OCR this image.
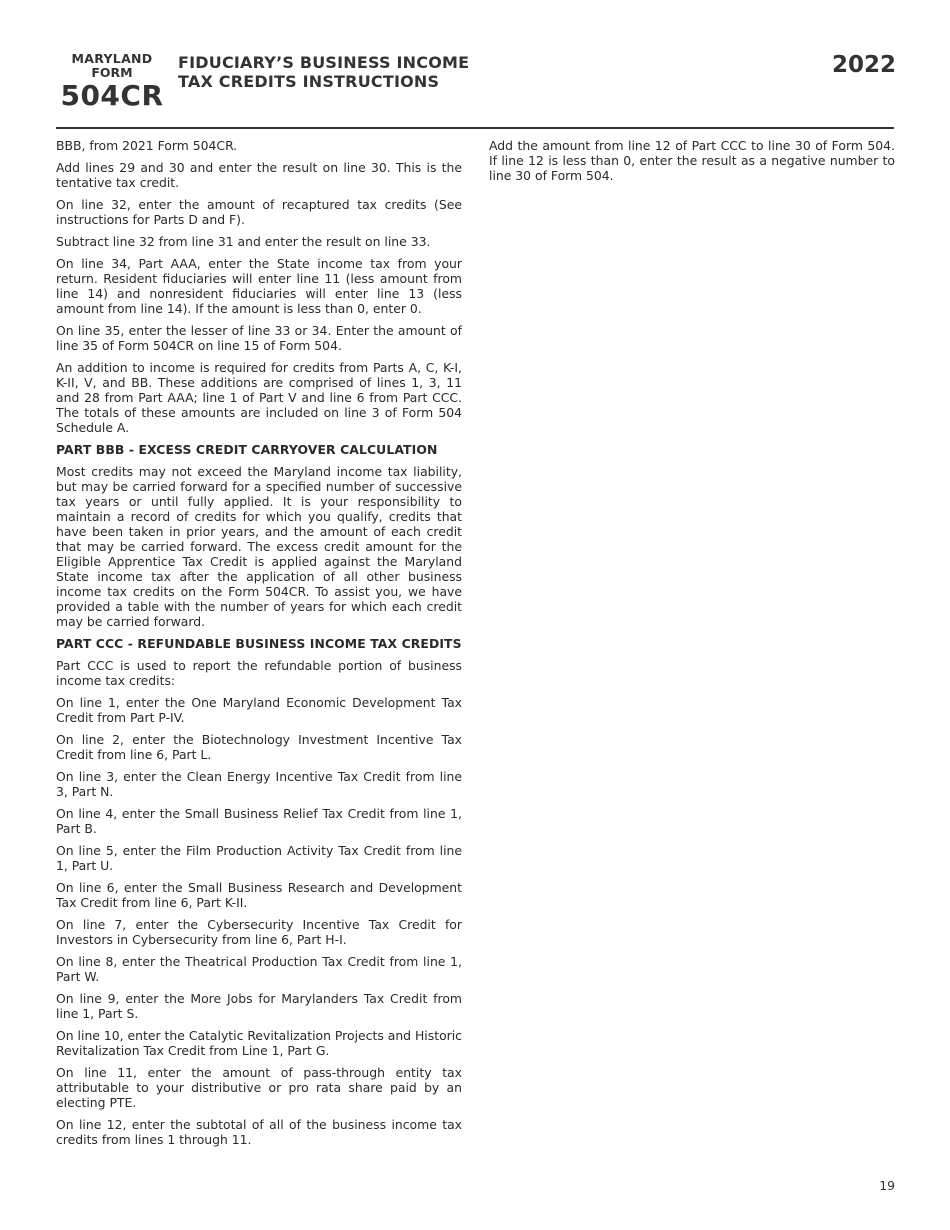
MARYLAND
FORM
504CR
FIDUCIARY’S BUSINESS INCOME
TAX CREDITS INSTRUCTIONS
2022

BBB, from 2021 Form 504CR.

Add lines 29 and 30 and enter the result on line 30. This is the tentative tax credit.

On line 32, enter the amount of recaptured tax credits (See instructions for Parts D and F).

Subtract line 32 from line 31 and enter the result on line 33.

On line 34, Part AAA, enter the State income tax from your return. Resident fiduciaries will enter line 11 (less amount from line 14) and nonresident fiduciaries will enter line 13 (less amount from line 14). If the amount is less than 0, enter 0.

On line 35, enter the lesser of line 33 or 34. Enter the amount of line 35 of Form 504CR on line 15 of Form 504.

An addition to income is required for credits from Parts A, C, K-I, K-II, V, and BB. These additions are comprised of lines 1, 3, 11 and 28 from Part AAA; line 1 of Part V and line 6 from Part CCC. The totals of these amounts are included on line 3 of Form 504 Schedule A.

PART BBB - EXCESS CREDIT CARRYOVER CALCULATION

Most credits may not exceed the Maryland income tax liability, but may be carried forward for a specified number of successive tax years or until fully applied. It is your responsibility to maintain a record of credits for which you qualify, credits that have been taken in prior years, and the amount of each credit that may be carried forward. The excess credit amount for the Eligible Apprentice Tax Credit is applied against the Maryland State income tax after the application of all other business income tax credits on the Form 504CR. To assist you, we have provided a table with the number of years for which each credit may be carried forward.

PART CCC - REFUNDABLE BUSINESS INCOME TAX CREDITS

Part CCC is used to report the refundable portion of business income tax credits:

On line 1, enter the One Maryland Economic Development Tax Credit from Part P-IV.

On line 2, enter the Biotechnology Investment Incentive Tax Credit from line 6, Part L.

On line 3, enter the Clean Energy Incentive Tax Credit from line 3, Part N.

On line 4, enter the Small Business Relief Tax Credit from line 1, Part B.

On line 5, enter the Film Production Activity Tax Credit from line 1, Part U.

On line 6, enter the Small Business Research and Development Tax Credit from line 6, Part K-II.

On line 7, enter the Cybersecurity Incentive Tax Credit for Investors in Cybersecurity from line 6, Part H-I.

On line 8, enter the Theatrical Production Tax Credit from line 1, Part W.

On line 9, enter the More Jobs for Marylanders Tax Credit from line 1, Part S.

On line 10, enter the Catalytic Revitalization Projects and Historic Revitalization Tax Credit from Line 1, Part G.

On line 11, enter the amount of pass-through entity tax attributable to your distributive or pro rata share paid by an electing PTE.

On line 12, enter the subtotal of all of the business income tax credits from lines 1 through 11.

Add the amount from line 12 of Part CCC to line 30 of Form 504. If line 12 is less than 0, enter the result as a negative number to line 30 of Form 504.

19
